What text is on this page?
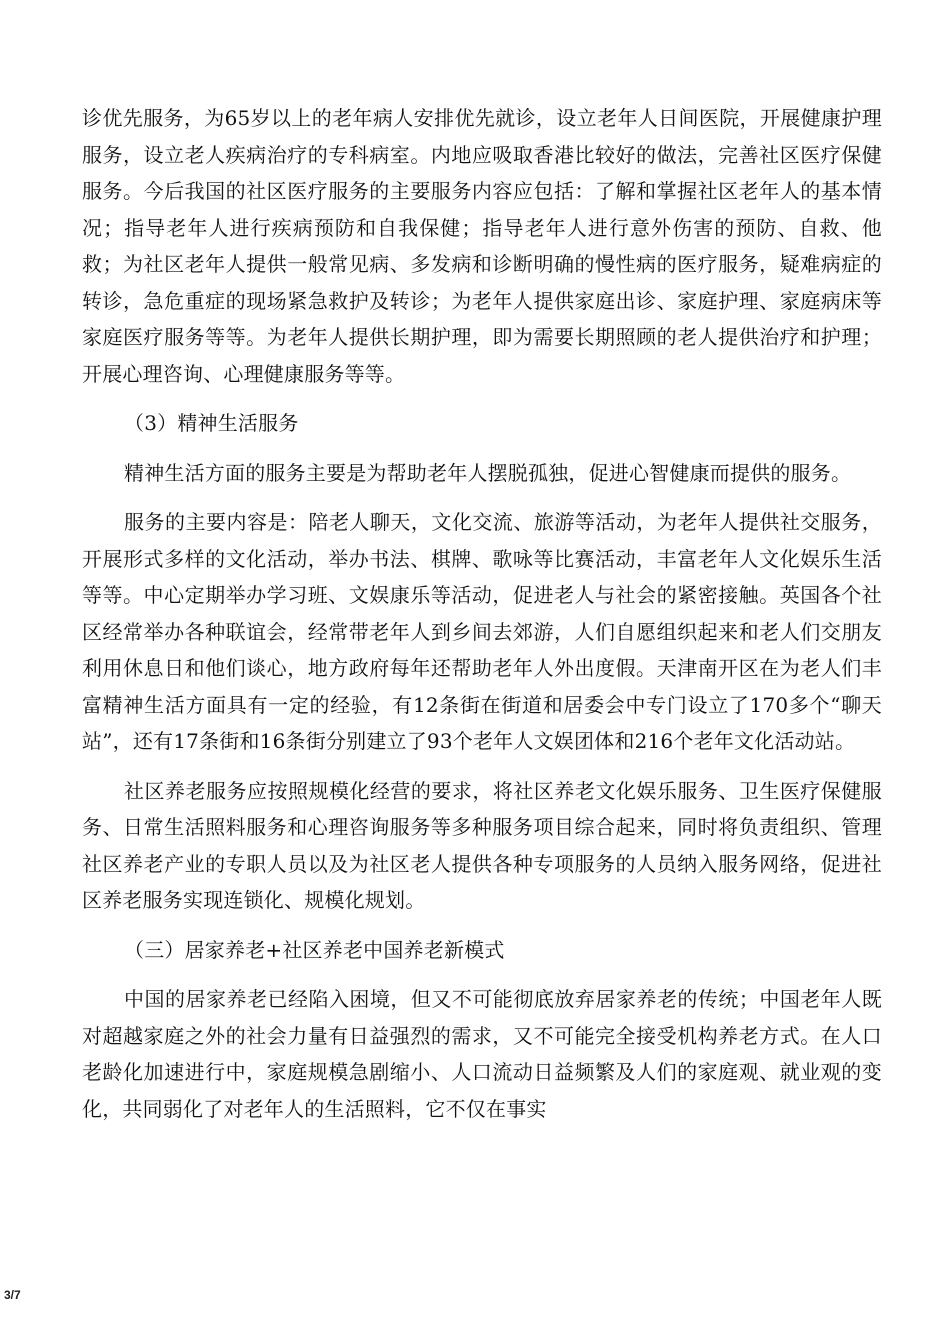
诊优先服务，为65岁以上的老年病人安排优先就诊，设立老年人日间医院，开展健康护理服务，设立老人疾病治疗的专科病室。内地应吸取香港比较好的做法，完善社区医疗保健服务。今后我国的社区医疗服务的主要服务内容应包括：了解和掌握社区老年人的基本情况；指导老年人进行疾病预防和自我保健；指导老年人进行意外伤害的预防、自救、他救；为社区老年人提供一般常见病、多发病和诊断明确的慢性病的医疗服务，疑难病症的转诊，急危重症的现场紧急救护及转诊；为老年人提供家庭出诊、家庭护理、家庭病床等家庭医疗服务等等。为老年人提供长期护理，即为需要长期照顾的老人提供治疗和护理；开展心理咨询、心理健康服务等等。

（3）精神生活服务

精神生活方面的服务主要是为帮助老年人摆脱孤独，促进心智健康而提供的服务。

服务的主要内容是：陪老人聊天，文化交流、旅游等活动，为老年人提供社交服务，开展形式多样的文化活动，举办书法、棋牌、歌咏等比赛活动，丰富老年人文化娱乐生活等等。中心定期举办学习班、文娱康乐等活动，促进老人与社会的紧密接触。英国各个社区经常举办各种联谊会，经常带老年人到乡间去郊游，人们自愿组织起来和老人们交朋友利用休息日和他们谈心，地方政府每年还帮助老年人外出度假。天津南开区在为老人们丰富精神生活方面具有一定的经验，有12条街在街道和居委会中专门设立了170多个“聊天站”，还有17条街和16条街分别建立了93个老年人文娱团体和216个老年文化活动站。

社区养老服务应按照规模化经营的要求，将社区养老文化娱乐服务、卫生医疗保健服务、日常生活照料服务和心理咨询服务等多种服务项目综合起来，同时将负责组织、管理社区养老产业的专职人员以及为社区老人提供各种专项服务的人员纳入服务网络，促进社区养老服务实现连锁化、规模化规划。

（三）居家养老+社区养老中国养老新模式

中国的居家养老已经陷入困境，但又不可能彻底放弃居家养老的传统；中国老年人既对超越家庭之外的社会力量有日益强烈的需求，又不可能完全接受机构养老方式。在人口老龄化加速进行中，家庭规模急剧缩小、人口流动日益频繁及人们的家庭观、就业观的变化，共同弱化了对老年人的生活照料，它不仅在事实

3/7
